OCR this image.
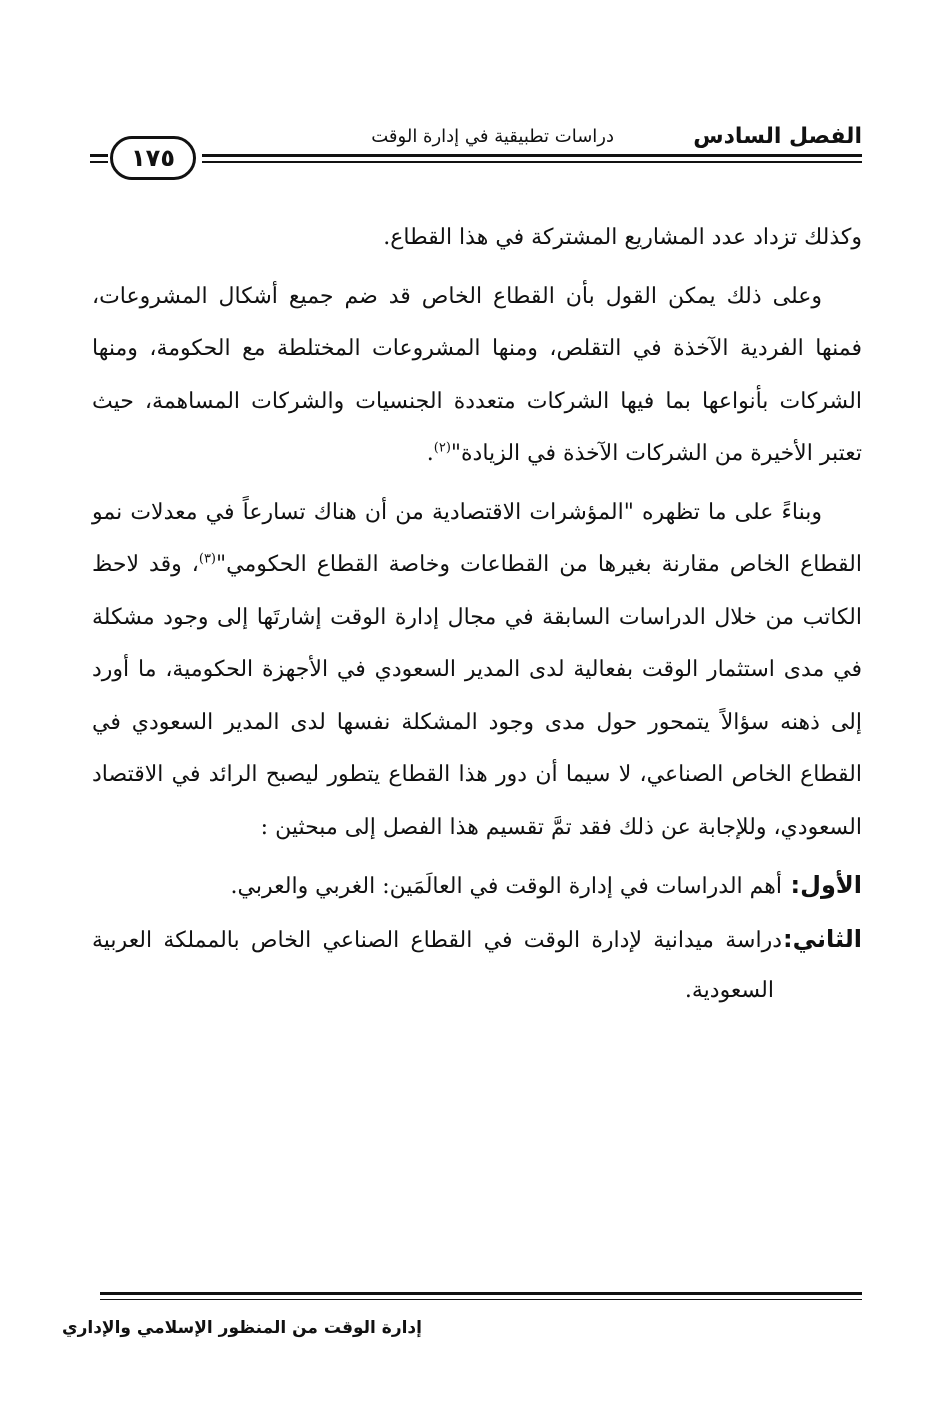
الفصل السادس
دراسات تطبيقية في إدارة الوقت
١٧٥

وكذلك تزداد عدد المشاريع المشتركة في هذا القطاع.

وعلى ذلك يمكن القول بأن القطاع الخاص قد ضم جميع أشكال المشروعات، فمنها الفردية الآخذة في التقلص، ومنها المشروعات المختلطة مع الحكومة، ومنها الشركات بأنواعها بما فيها الشركات متعددة الجنسيات والشركات المساهمة، حيث تعتبر الأخيرة من الشركات الآخذة في الزيادة"$^{(٢)}$.

وبناءً على ما تظهره "المؤشرات الاقتصادية من أن هناك تسارعاً في معدلات نمو القطاع الخاص مقارنة بغيرها من القطاعات وخاصة القطاع الحكومي"$^{(٣)}$، وقد لاحظ الكاتب من خلال الدراسات السابقة في مجال إدارة الوقت إشارتَها إلى وجود مشكلة في مدى استثمار الوقت بفعالية لدى المدير السعودي في الأجهزة الحكومية، ما أورد إلى ذهنه سؤالاً يتمحور حول مدى وجود المشكلة نفسها لدى المدير السعودي في القطاع الخاص الصناعي، لا سيما أن دور هذا القطاع يتطور ليصبح الرائد في الاقتصاد السعودي، وللإجابة عن ذلك فقد تمَّ تقسيم هذا الفصل إلى مبحثين :

الأول:أهم الدراسات في إدارة الوقت في العالَمَين: الغربي والعربي.
الثاني:دراسة ميدانية لإدارة الوقت في القطاع الصناعي الخاص بالمملكة العربية السعودية.
إدارة الوقت من المنظور الإسلامي والإداري
